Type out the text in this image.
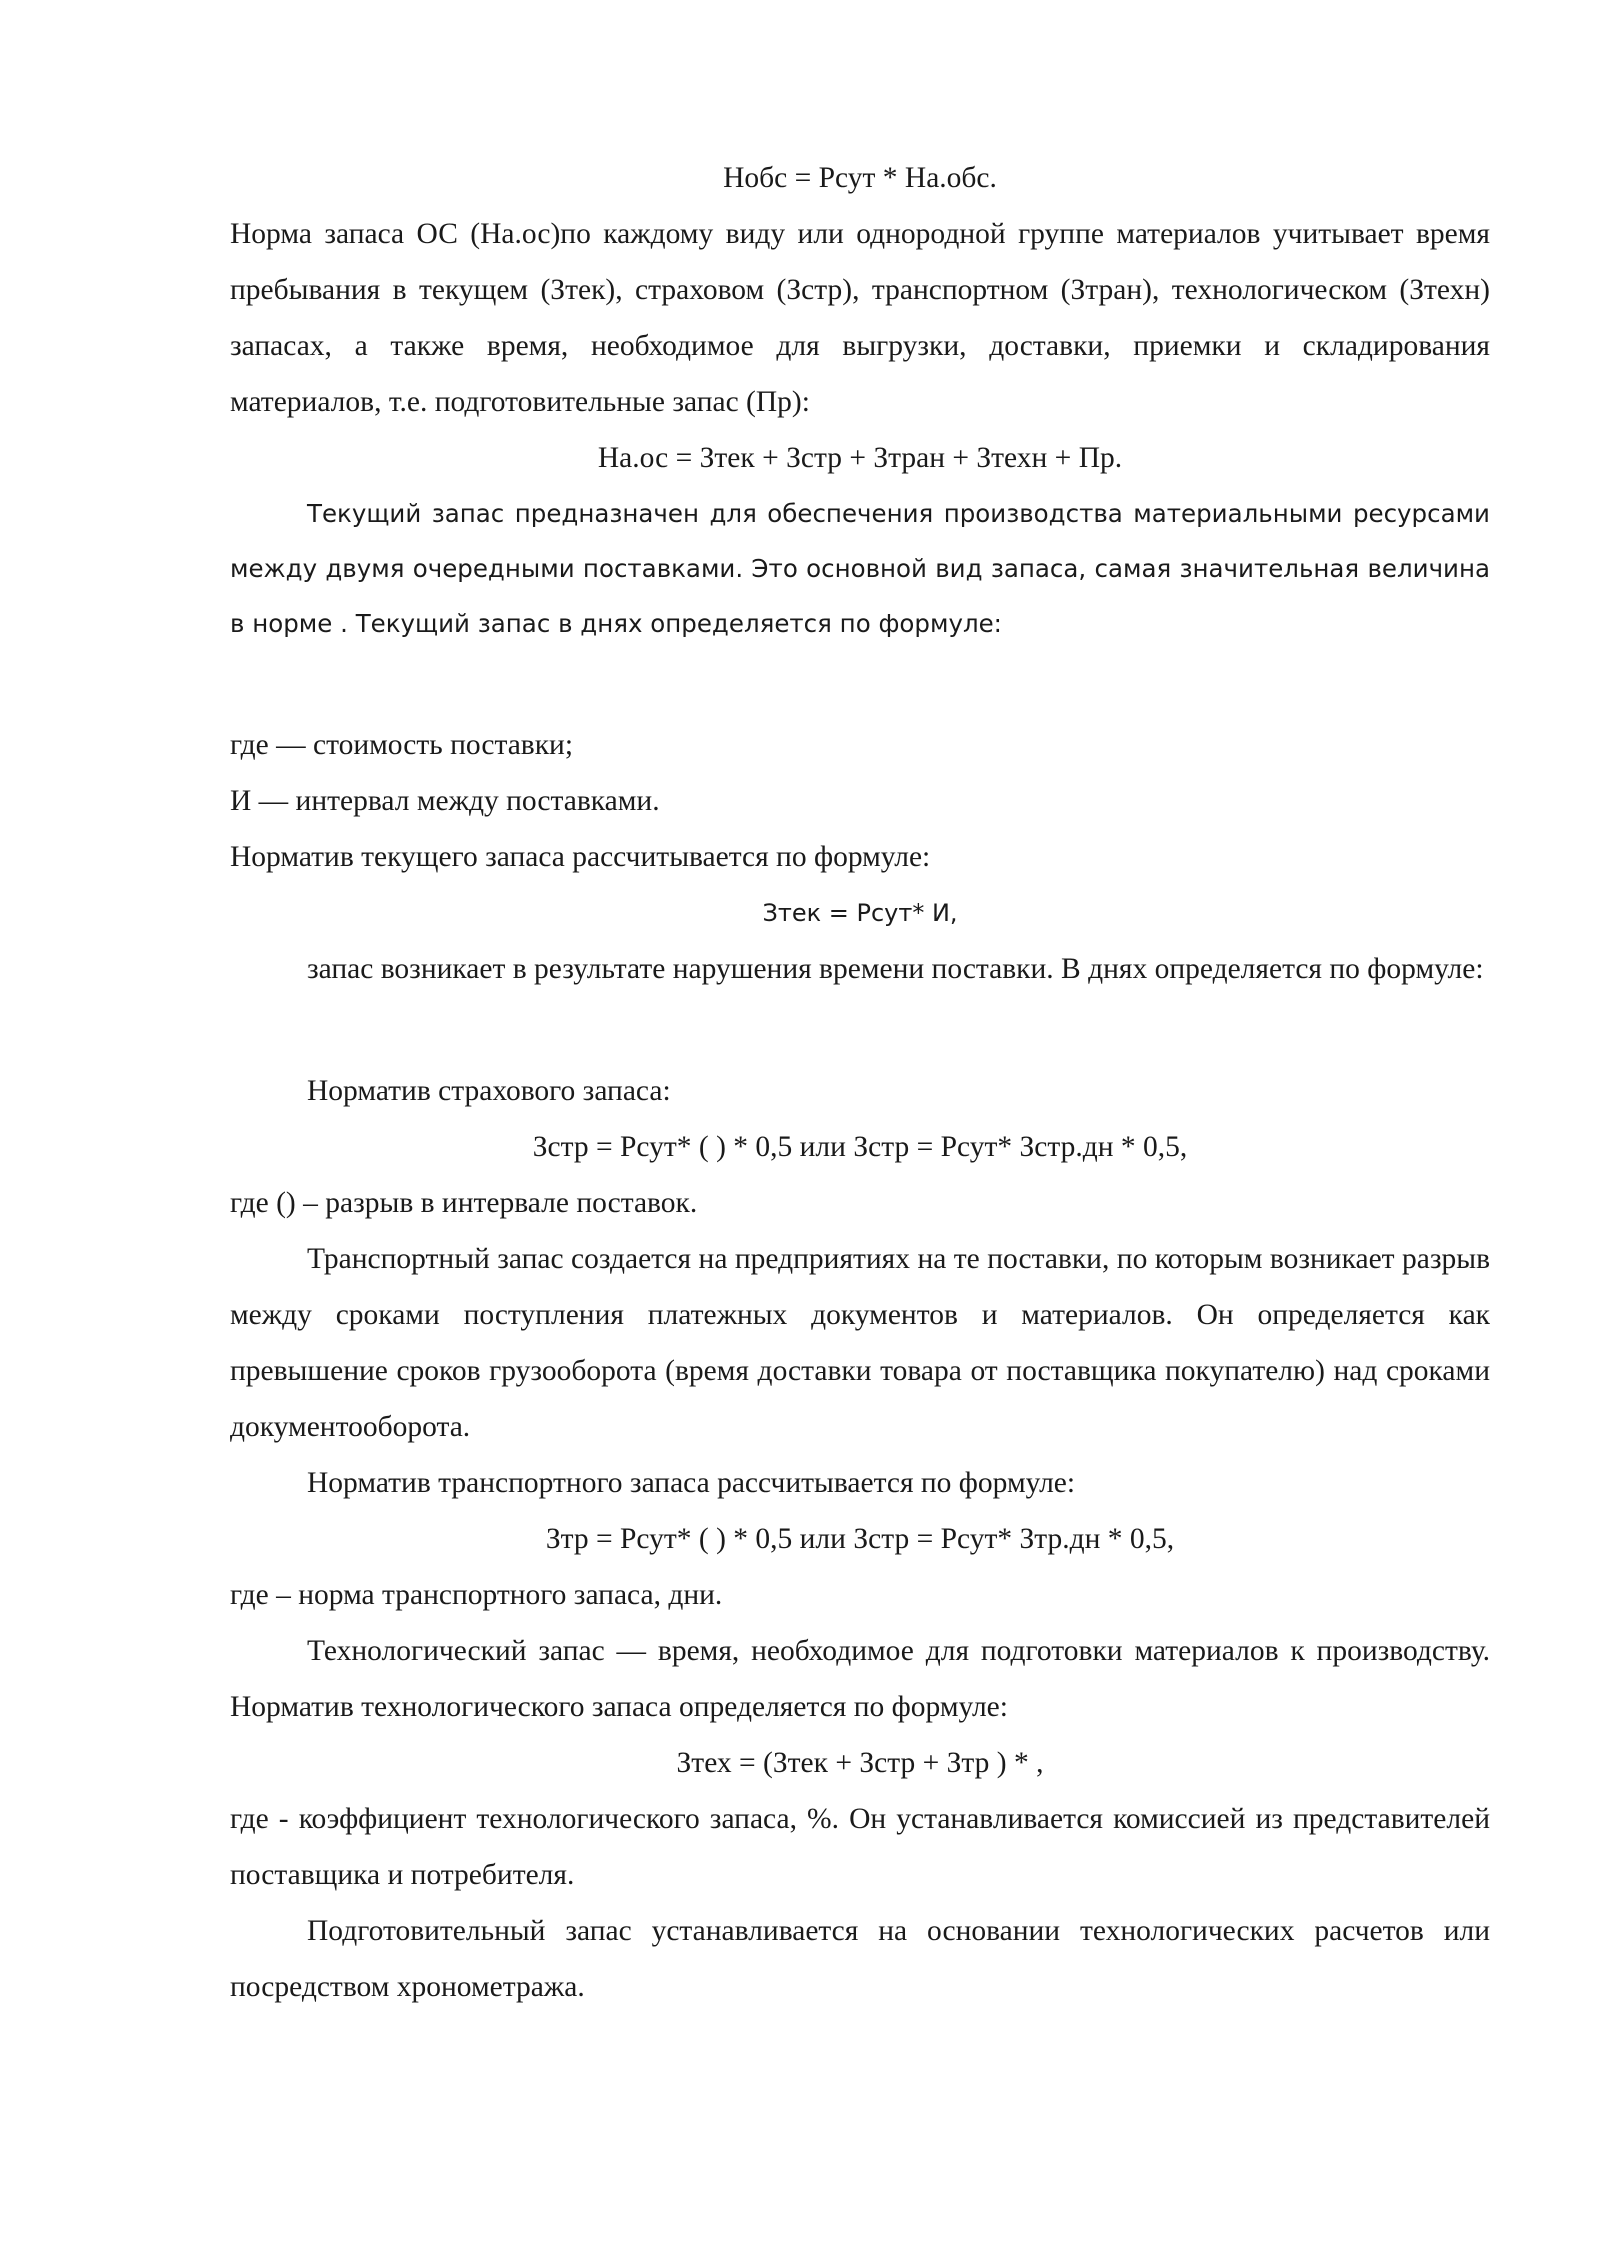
Нобс = Рсут * На.обс.

Норма запаса ОС (На.ос)по каждому виду или однородной группе материалов учитывает время пребывания в текущем (Зтек), страховом (Зстр), транспортном (Зтран), технологическом (Зтехн) запасах, а также время, необходимое для выгрузки, доставки, приемки и складирования материалов, т.е. подготовительные запас (Пр):

На.ос = Зтек + Зстр + Зтран + Зтехн + Пр.

Текущий запас предназначен для обеспечения производства материальными ресурсами между двумя очередными поставками. Это основной вид запаса, самая значительная величина в норме . Текущий запас в днях определяется по формуле:

где — стоимость поставки;

И — интервал между поставками.

Норматив текущего запаса рассчитывается по формуле:

Зтек = Рсут* И,

запас возникает в результате нарушения времени поставки. В днях определяется по формуле:

Норматив страхового запаса:

Зстр = Рсут* ( ) * 0,5 или Зстр = Рсут* Зстр.дн * 0,5,

где () – разрыв в интервале поставок.

Транспортный запас создается на предприятиях на те поставки, по которым возникает разрыв между сроками поступления платежных документов и материалов. Он определяется как превышение сроков грузооборота (время доставки товара от поставщика покупателю) над сроками документооборота.

Норматив транспортного запаса рассчитывается по формуле:

Зтр = Рсут* ( ) * 0,5 или Зстр = Рсут* Зтр.дн * 0,5,

где – норма транспортного запаса, дни.

Технологический запас — время, необходимое для подготовки материалов к производству. Норматив технологического запаса определяется по формуле:

Зтех = (Зтек + Зстр + Зтр ) * ,

где - коэффициент технологического запаса, %. Он устанавливается комиссией из представителей поставщика и потребителя.

Подготовительный запас устанавливается на основании технологических расчетов или посредством хронометража.
